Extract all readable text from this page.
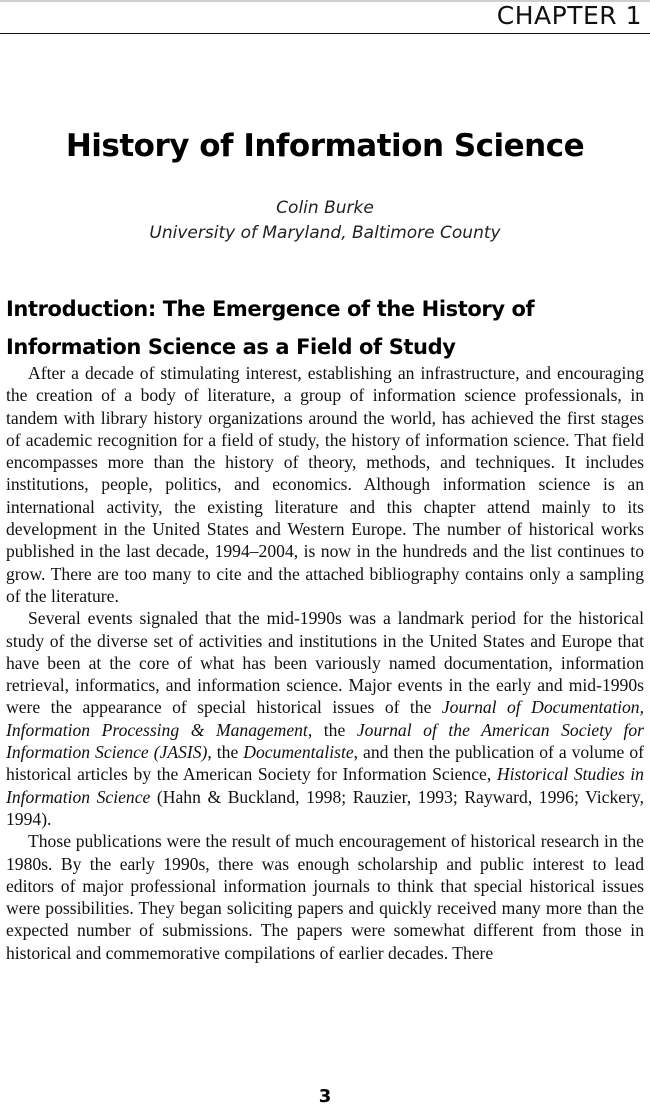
CHAPTER 1
History of Information Science
Colin Burke
University of Maryland, Baltimore County
Introduction: The Emergence of the History of Information Science as a Field of Study

After a decade of stimulating interest, establishing an infrastructure, and encouraging the creation of a body of literature, a group of information science professionals, in tandem with library history organizations around the world, has achieved the first stages of academic recognition for a field of study, the history of information science. That field encompasses more than the history of theory, methods, and techniques. It includes institutions, people, politics, and economics. Although information science is an international activity, the existing literature and this chapter attend mainly to its development in the United States and Western Europe. The number of historical works published in the last decade, 1994–2004, is now in the hundreds and the list continues to grow. There are too many to cite and the attached bibliography contains only a sampling of the literature.

Several events signaled that the mid-1990s was a landmark period for the historical study of the diverse set of activities and institutions in the United States and Europe that have been at the core of what has been variously named documentation, information retrieval, informatics, and information science. Major events in the early and mid-1990s were the appearance of special historical issues of the Journal of Documentation, Information Processing & Management, the Journal of the American Society for Information Science (JASIS), the Documentaliste, and then the publication of a volume of historical articles by the American Society for Information Science, Historical Studies in Information Science (Hahn & Buckland, 1998; Rauzier, 1993; Rayward, 1996; Vickery, 1994).

Those publications were the result of much encouragement of historical research in the 1980s. By the early 1990s, there was enough scholarship and public interest to lead editors of major professional information journals to think that special historical issues were possibilities. They began soliciting papers and quickly received many more than the expected number of submissions. The papers were somewhat different from those in historical and commemorative compilations of earlier decades. There

3
